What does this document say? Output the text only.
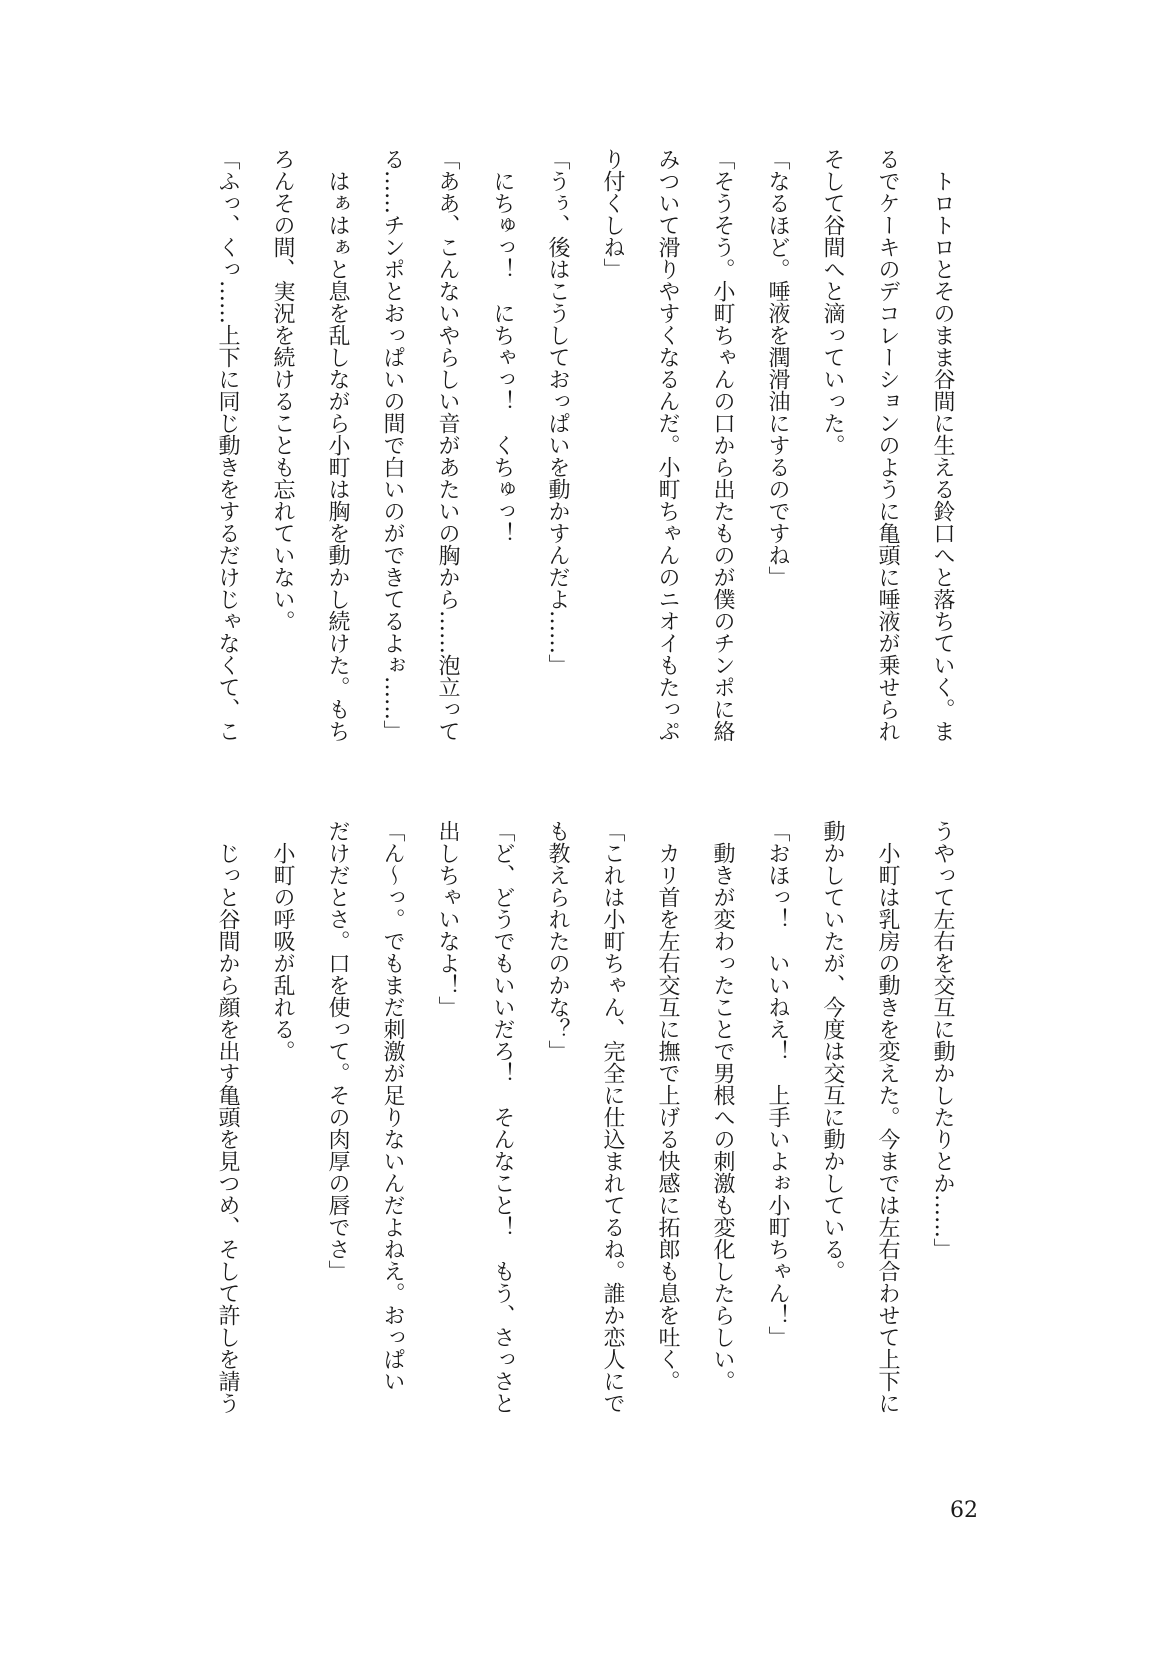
　トロトロとそのまま谷間に生える鈴口へと落ちていく。ま
るでケーキのデコレーションのように亀頭に唾液が乗せられ
そして谷間へと滴っていった。
「なるほど。唾液を潤滑油にするのですね」
「そうそう。小町ちゃんの口から出たものが僕のチンポに絡
みついて滑りやすくなるんだ。小町ちゃんのニオイもたっぷ
り付くしね」
「うぅ、後はこうしておっぱいを動かすんだよ……」
　にちゅっ！　にちゃっ！　くちゅっ！
「ああ、こんないやらしい音があたいの胸から……泡立って
る……チンポとおっぱいの間で白いのができてるよぉ……」
　はぁはぁと息を乱しながら小町は胸を動かし続けた。もち
ろんその間、実況を続けることも忘れていない。
「ふっ、くっ……上下に同じ動きをするだけじゃなくて、こ
うやって左右を交互に動かしたりとか……」
　小町は乳房の動きを変えた。今までは左右合わせて上下に
動かしていたが、今度は交互に動かしている。
「おほっ！　いいねえ！　上手いよぉ小町ちゃん！」
　動きが変わったことで男根への刺激も変化したらしい。
　カリ首を左右交互に撫で上げる快感に拓郎も息を吐く。
「これは小町ちゃん、完全に仕込まれてるね。誰か恋人にで
も教えられたのかな？」
「ど、どうでもいいだろ！　そんなこと！　もう、さっさと
出しちゃいなよ！」
「ん～っ。でもまだ刺激が足りないんだよねえ。おっぱい
だけだとさ。口を使って。その肉厚の唇でさ」
　小町の呼吸が乱れる。
　じっと谷間から顔を出す亀頭を見つめ、そして許しを請う
62
